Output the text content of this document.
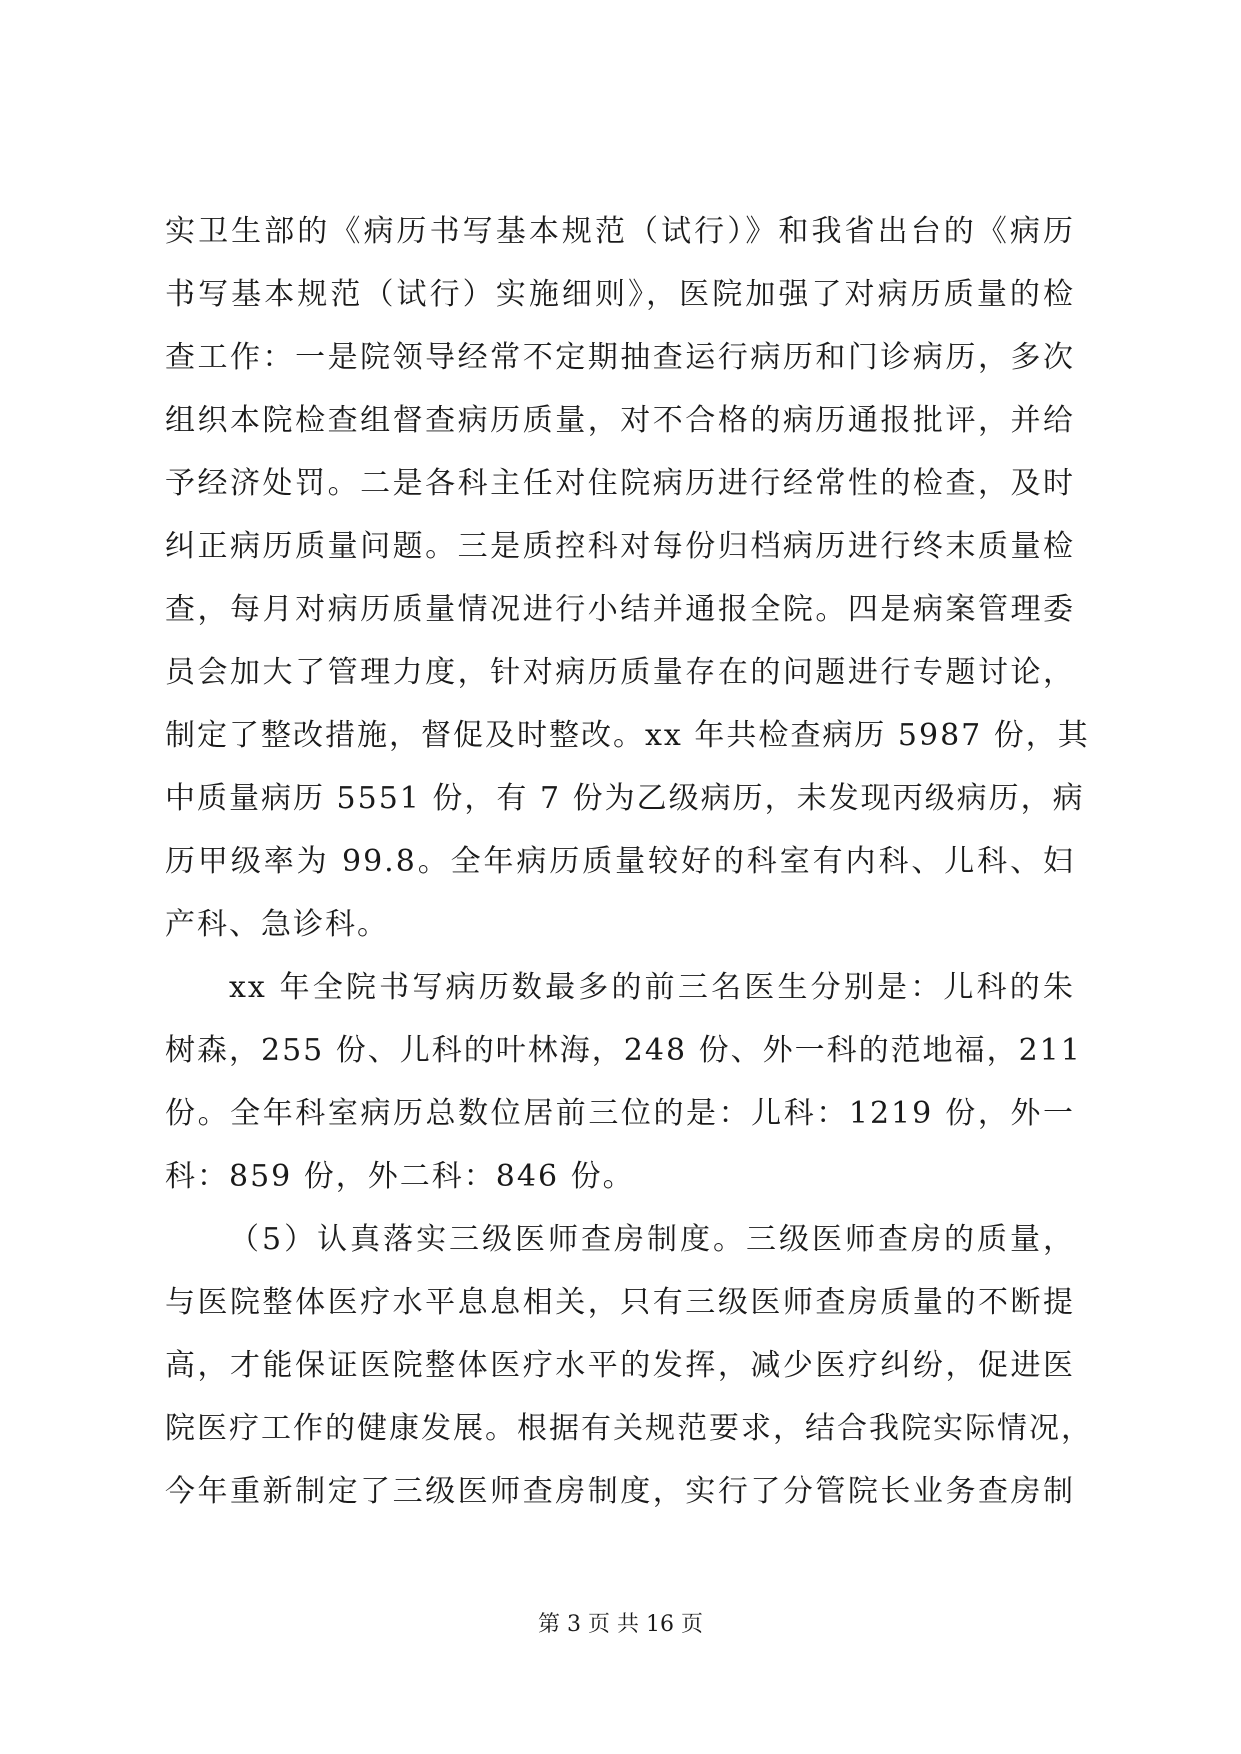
实卫生部的《病历书写基本规范（试行）》和我省出台的《病历
书写基本规范（试行）实施细则》，医院加强了对病历质量的检
查工作：一是院领导经常不定期抽查运行病历和门诊病历，多次
组织本院检查组督查病历质量，对不合格的病历通报批评，并给
予经济处罚。二是各科主任对住院病历进行经常性的检查，及时
纠正病历质量问题。三是质控科对每份归档病历进行终末质量检
查，每月对病历质量情况进行小结并通报全院。四是病案管理委
员会加大了管理力度，针对病历质量存在的问题进行专题讨论，
制定了整改措施，督促及时整改。xx 年共检查病历 5987 份，其
中质量病历 5551 份，有 7 份为乙级病历，未发现丙级病历，病
历甲级率为 99.8。全年病历质量较好的科室有内科、儿科、妇
产科、急诊科。
xx 年全院书写病历数最多的前三名医生分别是：儿科的朱
树森，255 份、儿科的叶林海，248 份、外一科的范地福，211
份。全年科室病历总数位居前三位的是：儿科：1219 份，外一
科：859 份，外二科：846 份。
（5）认真落实三级医师查房制度。三级医师查房的质量，
与医院整体医疗水平息息相关，只有三级医师查房质量的不断提
高，才能保证医院整体医疗水平的发挥，减少医疗纠纷，促进医
院医疗工作的健康发展。根据有关规范要求，结合我院实际情况，
今年重新制定了三级医师查房制度，实行了分管院长业务查房制
第 3 页 共 16 页
